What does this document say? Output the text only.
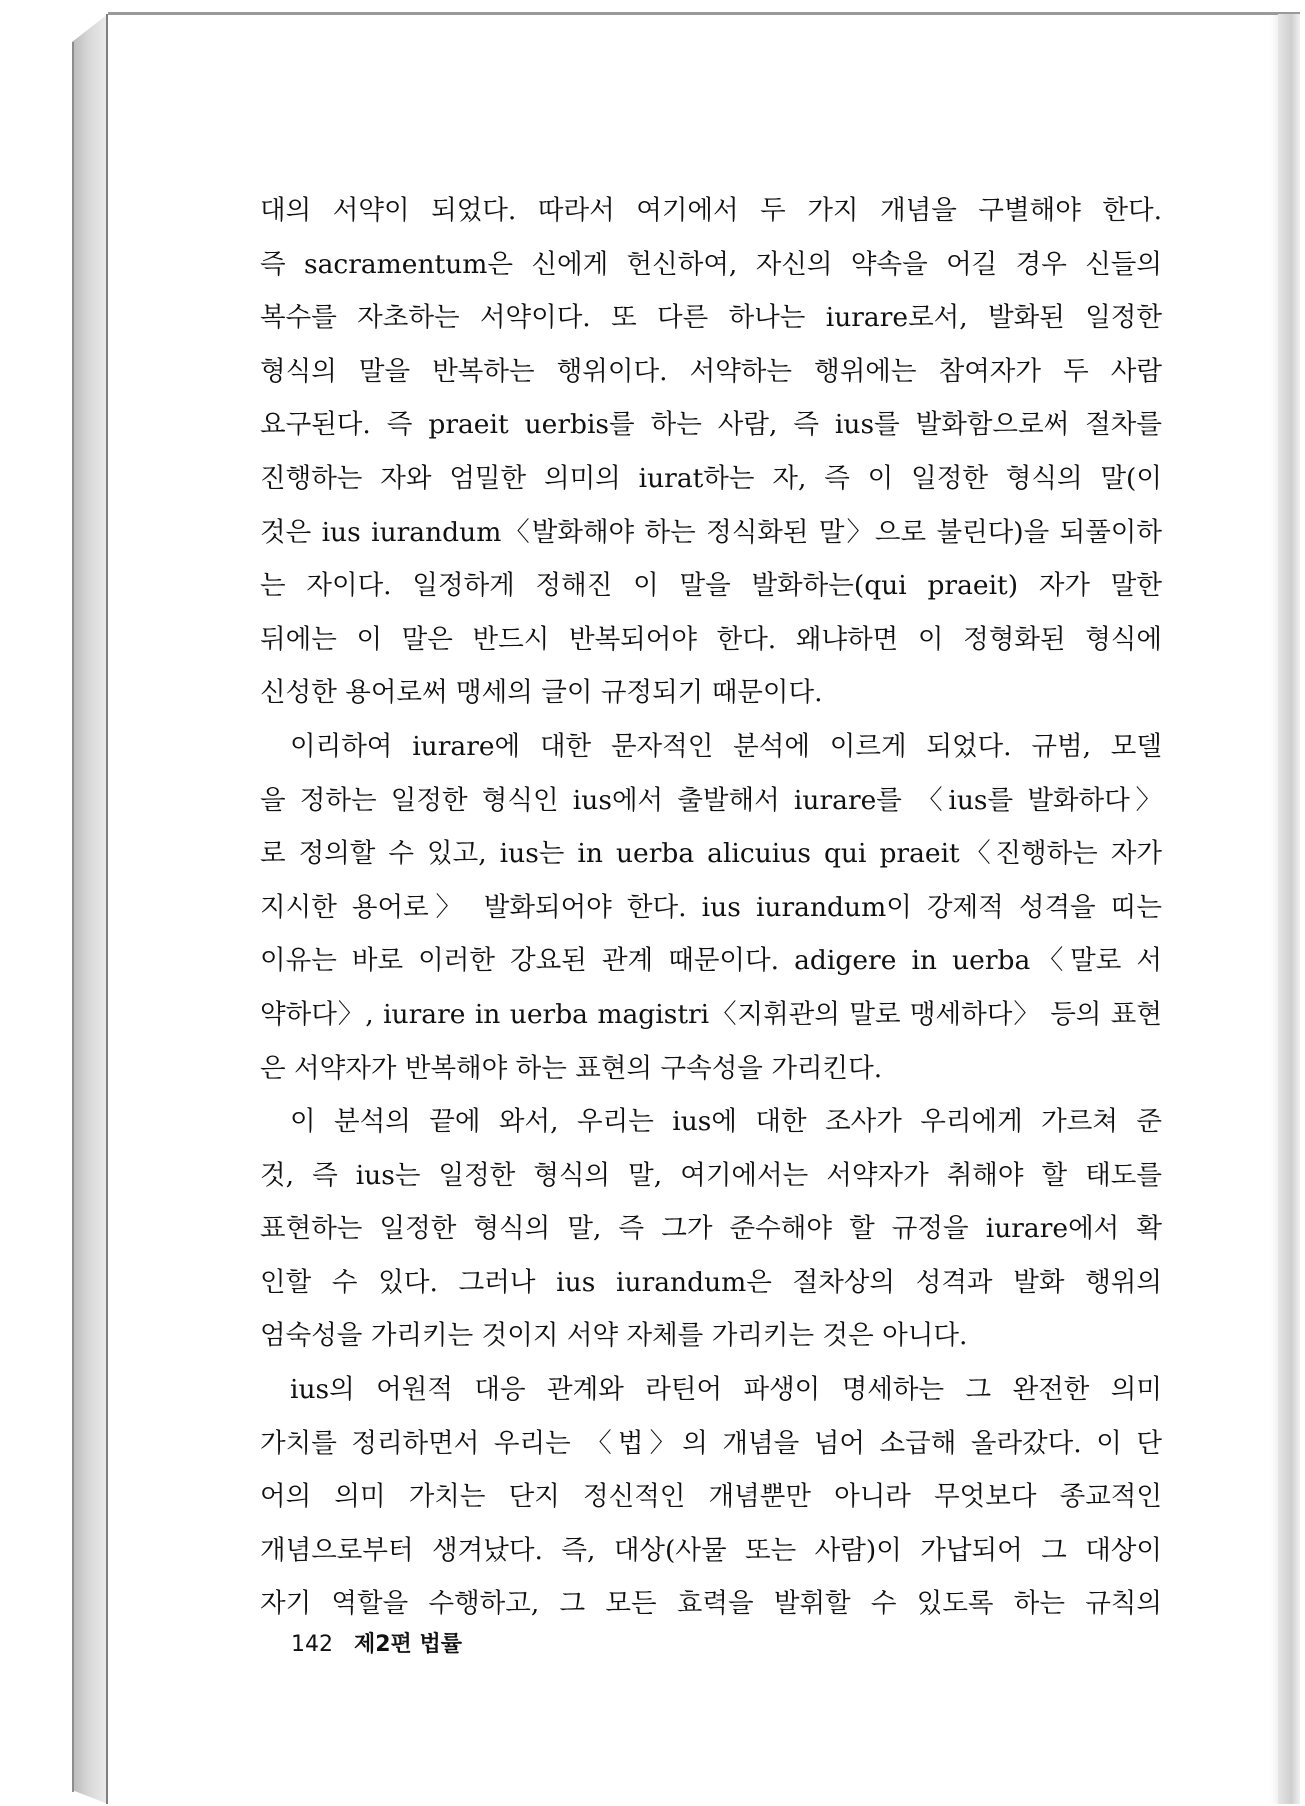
대의 서약이 되었다. 따라서 여기에서 두 가지 개념을 구별해야 한다.
즉 sacramentum은 신에게 헌신하여, 자신의 약속을 어길 경우 신들의
복수를 자초하는 서약이다. 또 다른 하나는 iurare로서, 발화된 일정한
형식의 말을 반복하는 행위이다. 서약하는 행위에는 참여자가 두 사람
요구된다. 즉 praeit uerbis를 하는 사람, 즉 ius를 발화함으로써 절차를
진행하는 자와 엄밀한 의미의 iurat하는 자, 즉 이 일정한 형식의 말(이
것은 ius iurandum〈발화해야 하는 정식화된 말〉으로 불린다)을 되풀이하
는 자이다. 일정하게 정해진 이 말을 발화하는(qui praeit) 자가 말한
뒤에는 이 말은 반드시 반복되어야 한다. 왜냐하면 이 정형화된 형식에
신성한 용어로써 맹세의 글이 규정되기 때문이다.
이리하여 iurare에 대한 문자적인 분석에 이르게 되었다. 규범, 모델
을 정하는 일정한 형식인 ius에서 출발해서 iurare를 〈ius를 발화하다〉
로 정의할 수 있고, ius는 in uerba alicuius qui praeit〈진행하는 자가
지시한 용어로〉 발화되어야 한다. ius iurandum이 강제적 성격을 띠는
이유는 바로 이러한 강요된 관계 때문이다. adigere in uerba〈말로 서
약하다〉, iurare in uerba magistri〈지휘관의 말로 맹세하다〉 등의 표현
은 서약자가 반복해야 하는 표현의 구속성을 가리킨다.
이 분석의 끝에 와서, 우리는 ius에 대한 조사가 우리에게 가르쳐 준
것, 즉 ius는 일정한 형식의 말, 여기에서는 서약자가 취해야 할 태도를
표현하는 일정한 형식의 말, 즉 그가 준수해야 할 규정을 iurare에서 확
인할 수 있다. 그러나 ius iurandum은 절차상의 성격과 발화 행위의
엄숙성을 가리키는 것이지 서약 자체를 가리키는 것은 아니다.
ius의 어원적 대응 관계와 라틴어 파생이 명세하는 그 완전한 의미
가치를 정리하면서 우리는 〈법〉의 개념을 넘어 소급해 올라갔다. 이 단
어의 의미 가치는 단지 정신적인 개념뿐만 아니라 무엇보다 종교적인
개념으로부터 생겨났다. 즉, 대상(사물 또는 사람)이 가납되어 그 대상이
자기 역할을 수행하고, 그 모든 효력을 발휘할 수 있도록 하는 규칙의
142 제2편 법률
